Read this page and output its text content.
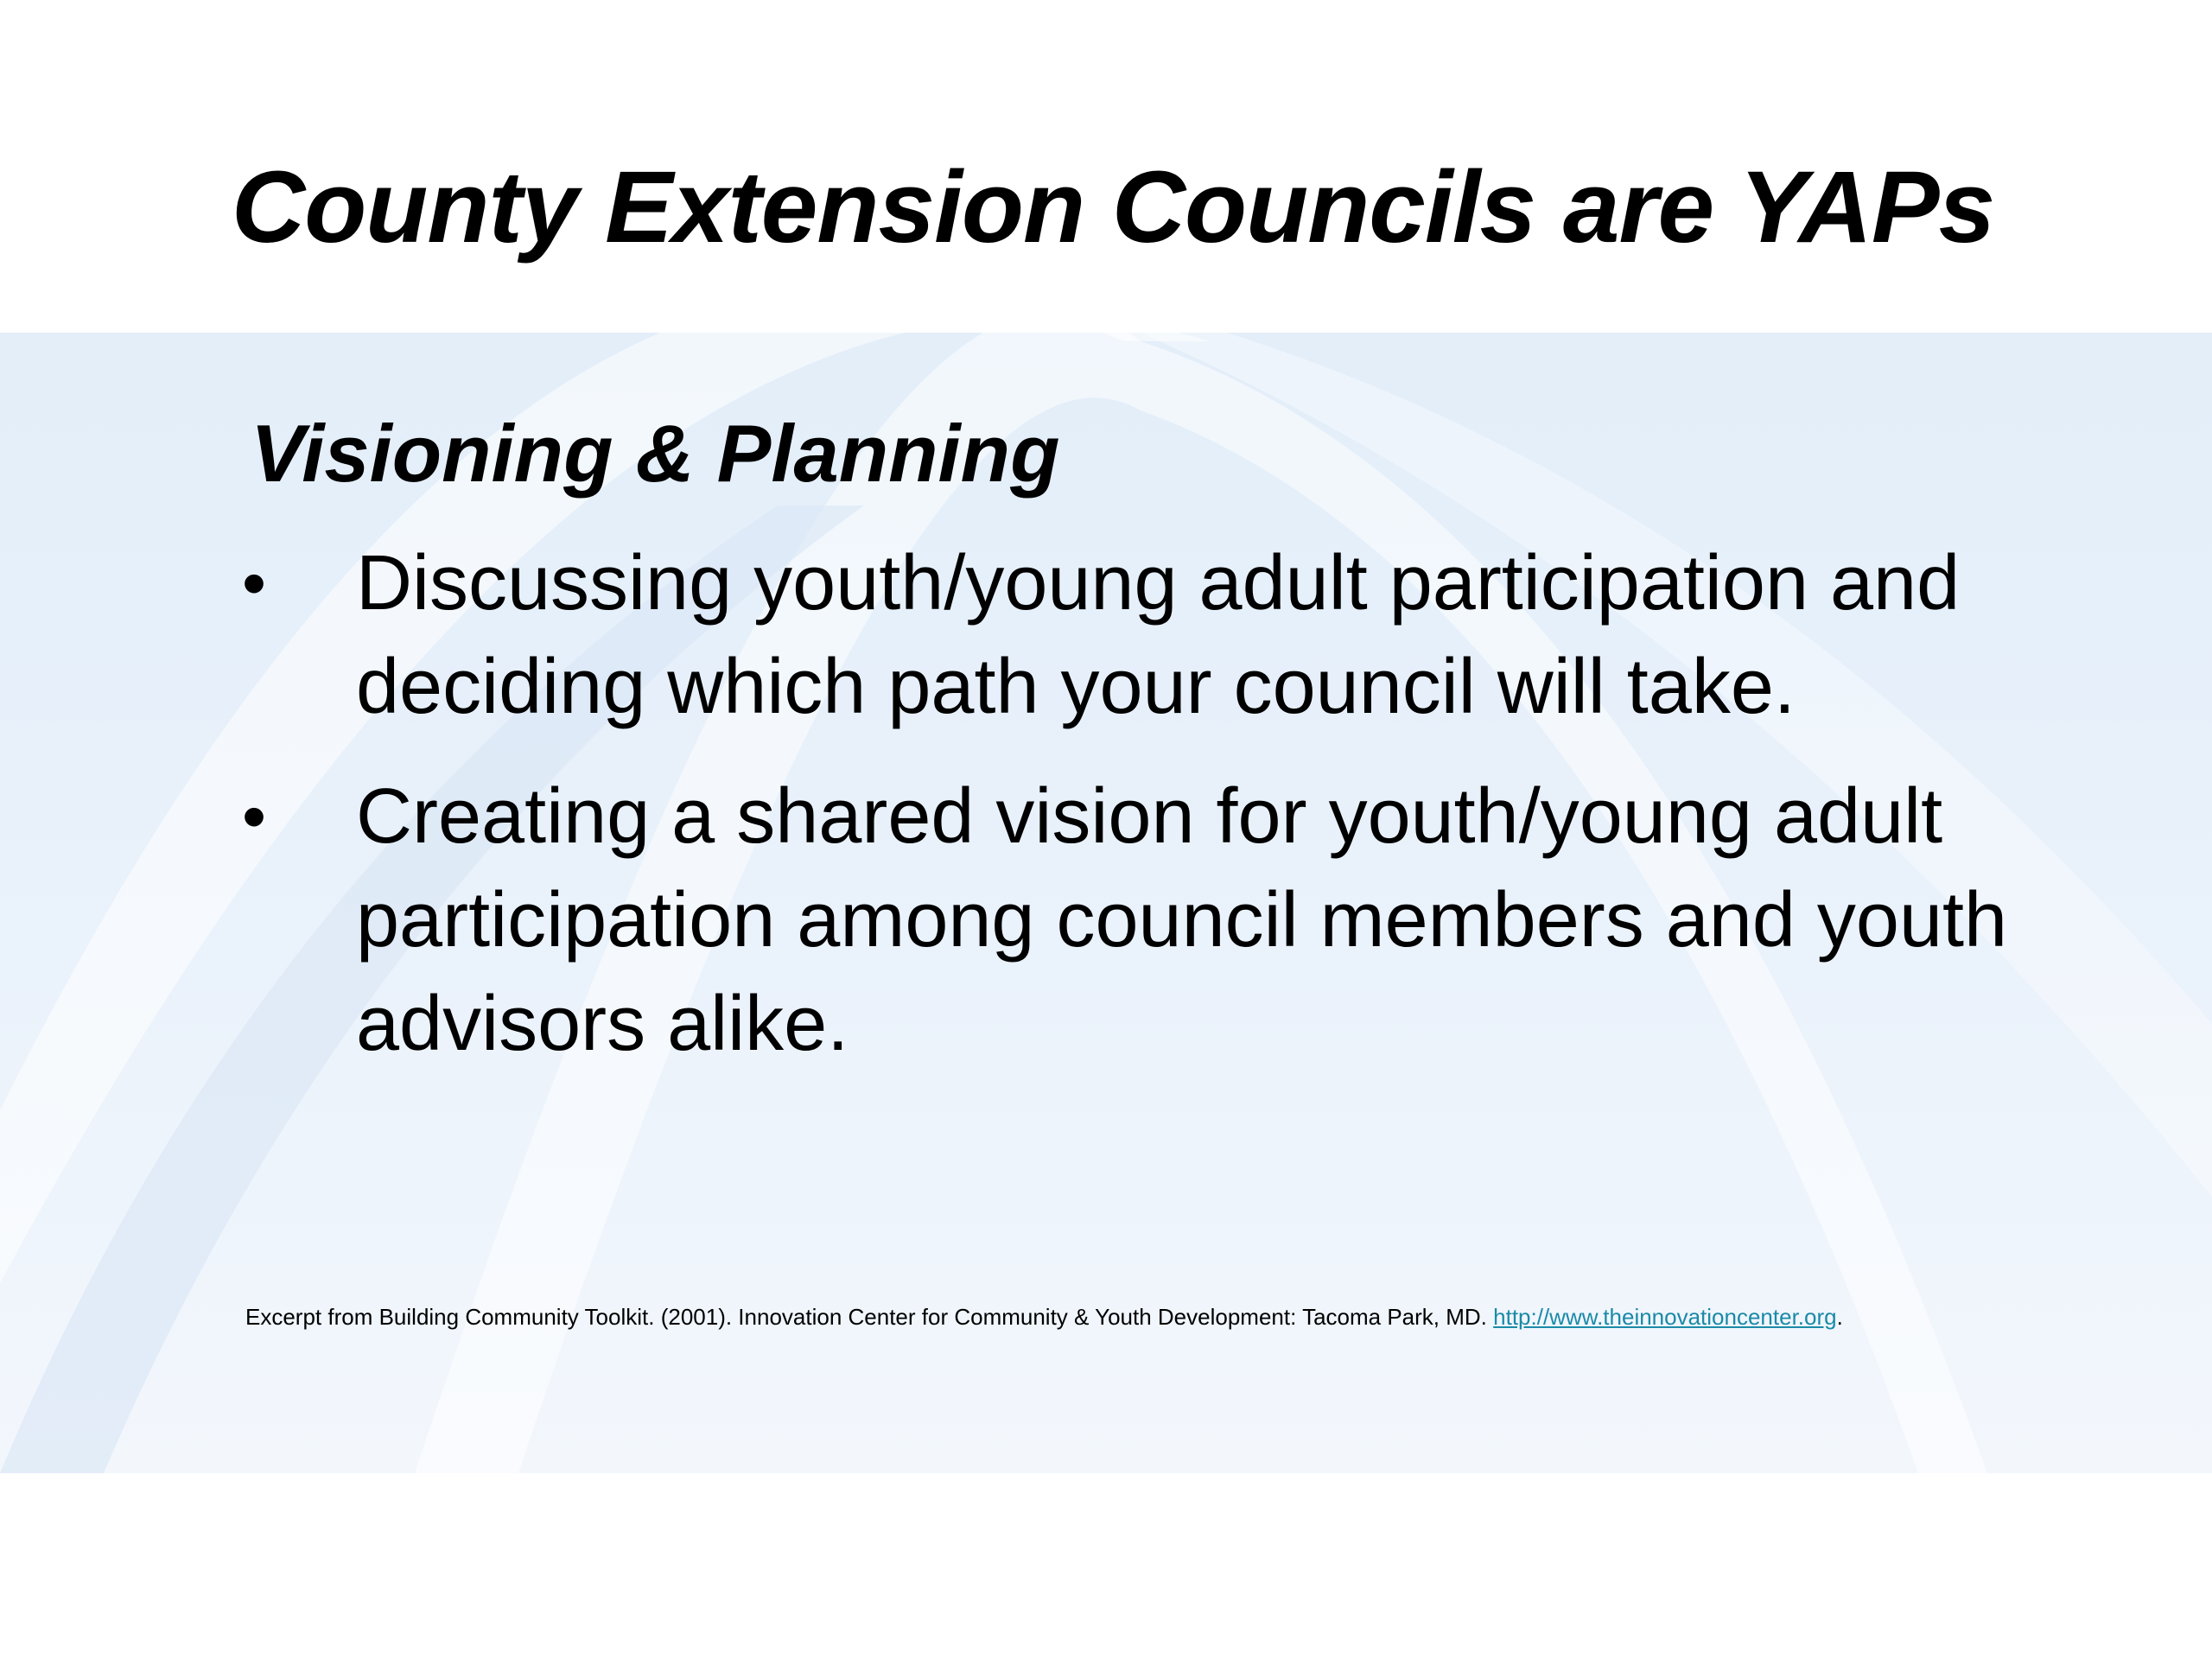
County Extension Councils are YAPs
Visioning & Planning
• Discussing youth/young adult participation and deciding which path your council will take.
• Creating a shared vision for youth/young adult participation among council members and youth advisors alike.
Excerpt from Building Community Toolkit. (2001). Innovation Center for Community & Youth Development: Tacoma Park, MD. http://www.theinnovationcenter.org.
